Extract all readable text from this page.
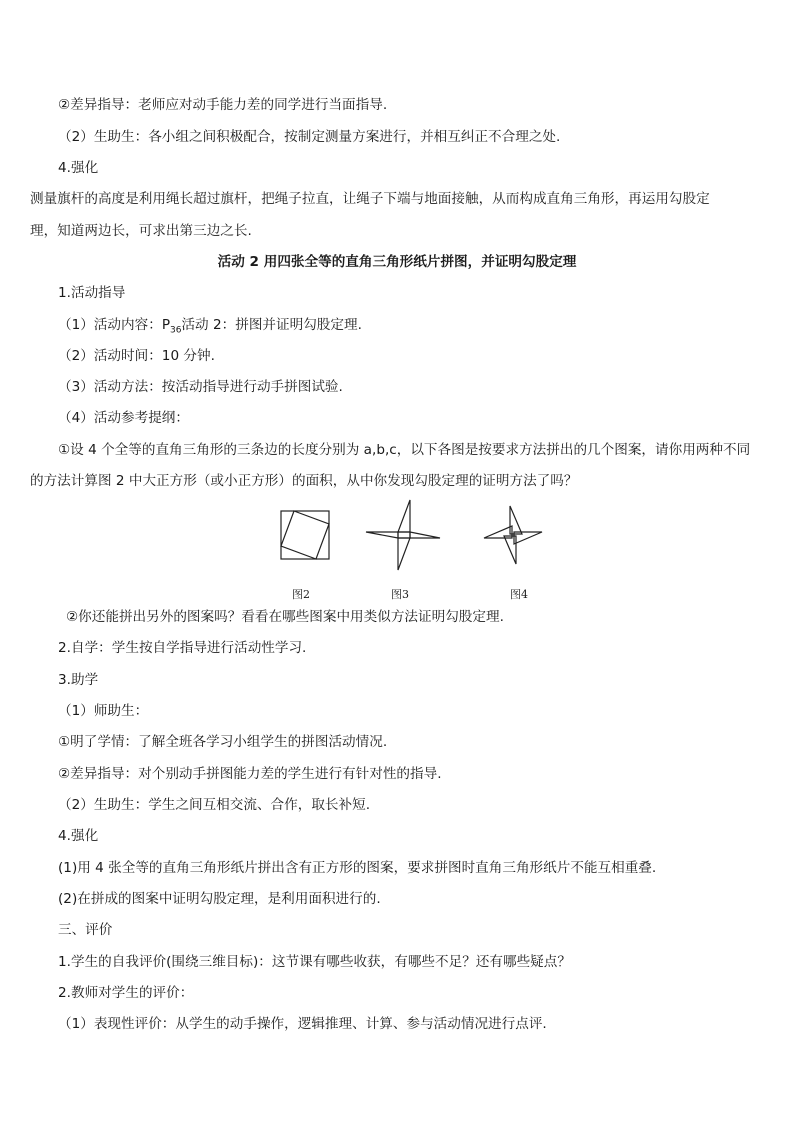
②差异指导：老师应对动手能力差的同学进行当面指导.
（2）生助生：各小组之间积极配合，按制定测量方案进行，并相互纠正不合理之处.
4.强化
测量旗杆的高度是利用绳长超过旗杆，把绳子拉直，让绳子下端与地面接触，从而构成直角三角形，再运用勾股定
理，知道两边长，可求出第三边之长.
活动 2 用四张全等的直角三角形纸片拼图，并证明勾股定理
1.活动指导
（1）活动内容：$P_{36}$活动 2：拼图并证明勾股定理.
（2）活动时间：10 分钟.
（3）活动方法：按活动指导进行动手拼图试验.
（4）活动参考提纲：
①设 4 个全等的直角三角形的三条边的长度分别为 a,b,c，以下各图是按要求方法拼出的几个图案，请你用两种不同
的方法计算图 2 中大正方形（或小正方形）的面积，从中你发现勾股定理的证明方法了吗？
图2	图3	图4
②你还能拼出另外的图案吗？看看在哪些图案中用类似方法证明勾股定理.
2.自学：学生按自学指导进行活动性学习.
3.助学
（1）师助生：
①明了学情：了解全班各学习小组学生的拼图活动情况.
②差异指导：对个别动手拼图能力差的学生进行有针对性的指导.
（2）生助生：学生之间互相交流、合作，取长补短.
4.强化
(1)用 4 张全等的直角三角形纸片拼出含有正方形的图案，要求拼图时直角三角形纸片不能互相重叠.
(2)在拼成的图案中证明勾股定理，是利用面积进行的.
三、评价
1.学生的自我评价(围绕三维目标)：这节课有哪些收获，有哪些不足？还有哪些疑点？
2.教师对学生的评价：
（1）表现性评价：从学生的动手操作，逻辑推理、计算、参与活动情况进行点评.
